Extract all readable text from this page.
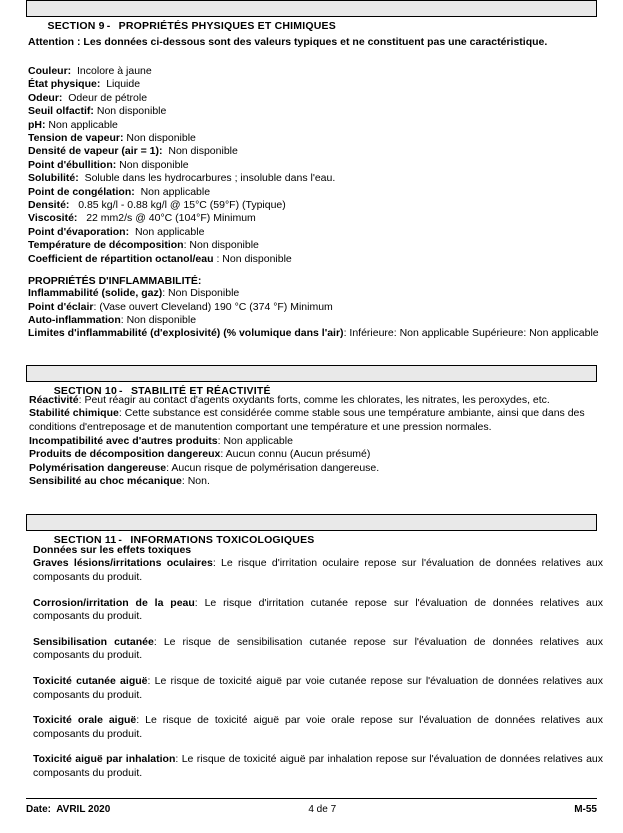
SECTION 9 - PROPRIÉTÉS PHYSIQUES ET CHIMIQUES

Attention : Les données ci-dessous sont des valeurs typiques et ne constituent pas une caractéristique.
Couleur: Incolore à jaune
État physique: Liquide
Odeur: Odeur de pétrole
Seuil olfactif: Non disponible
pH: Non applicable
Tension de vapeur: Non disponible
Densité de vapeur (air = 1): Non disponible
Point d'ébullition: Non disponible
Solubilité: Soluble dans les hydrocarbures ; insoluble dans l'eau.
Point de congélation: Non applicable
Densité: 0.85 kg/l - 0.88 kg/l @ 15°C (59°F) (Typique)
Viscosité: 22 mm2/s @ 40°C (104°F) Minimum
Point d'évaporation: Non applicable
Température de décomposition: Non disponible
Coefficient de répartition octanol/eau : Non disponible
PROPRIÉTÉS D'INFLAMMABILITÉ:
Inflammabilité (solide, gaz): Non Disponible
Point d'éclair: (Vase ouvert Cleveland) 190 °C (374 °F) Minimum
Auto-inflammation: Non disponible
Limites d'inflammabilité (d'explosivité) (% volumique dans l'air): Inférieure: Non applicable Supérieure: Non applicable

SECTION 10 - STABILITÉ ET RÉACTIVITÉ

Réactivité: Peut réagir au contact d'agents oxydants forts, comme les chlorates, les nitrates, les peroxydes, etc.

Stabilité chimique: Cette substance est considérée comme stable sous une température ambiante, ainsi que dans des conditions d'entreposage et de manutention comportant une température et une pression normales.

Incompatibilité avec d'autres produits: Non applicable

Produits de décomposition dangereux: Aucun connu (Aucun présumé)

Polymérisation dangereuse: Aucun risque de polymérisation dangereuse.

Sensibilité au choc mécanique: Non.

SECTION 11 - INFORMATIONS TOXICOLOGIQUES

Données sur les effets toxiques

Graves lésions/irritations oculaires: Le risque d'irritation oculaire repose sur l'évaluation de données relatives aux composants du produit.

Corrosion/irritation de la peau: Le risque d'irritation cutanée repose sur l'évaluation de données relatives aux composants du produit.

Sensibilisation cutanée: Le risque de sensibilisation cutanée repose sur l'évaluation de données relatives aux composants du produit.

Toxicité cutanée aiguë: Le risque de toxicité aiguë par voie cutanée repose sur l'évaluation de données relatives aux composants du produit.

Toxicité orale aiguë: Le risque de toxicité aiguë par voie orale repose sur l'évaluation de données relatives aux composants du produit.

Toxicité aiguë par inhalation: Le risque de toxicité aiguë par inhalation repose sur l'évaluation de données relatives aux composants du produit.

Date:  AVRIL 2020	4 de 7	M-55
